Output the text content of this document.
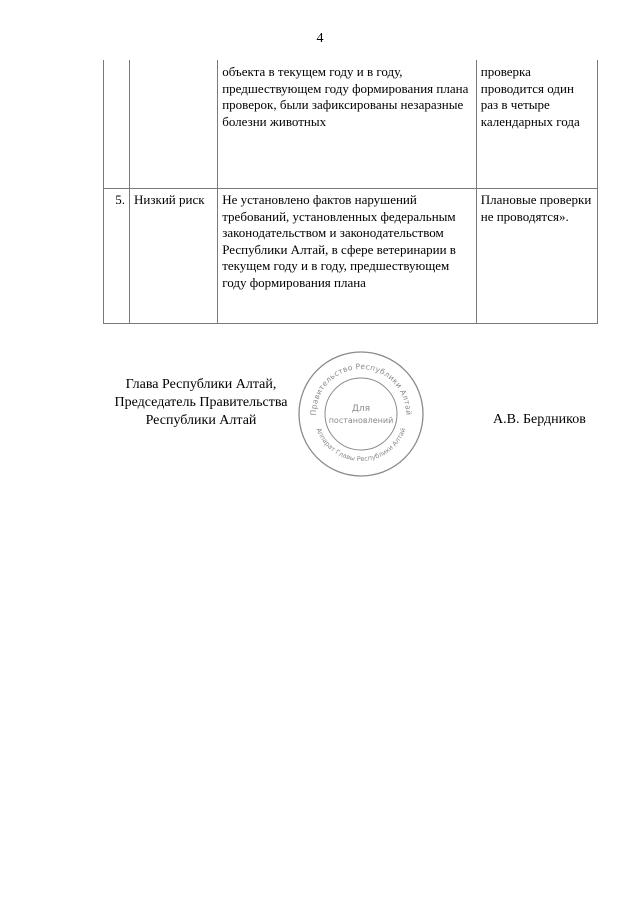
4
		объекта в текущем году и в году, предшествующем году формирования плана проверок, были зафиксированы незаразные болезни животных	проверка проводится один раз в четыре календарных года
5.	Низкий риск	Не установлено фактов нарушений требований, установленных федеральным законодательством и законодательством Республики Алтай, в сфере ветеринарии в текущем году и в году, предшествующем году формирования плана	Плановые проверки не проводятся».
Глава Республики Алтай,
Председатель Правительства
Республики Алтай	А.В. Бердников
Правительство Республики Алтай
Аппарат Главы Республики Алтай
Для
постановлений
